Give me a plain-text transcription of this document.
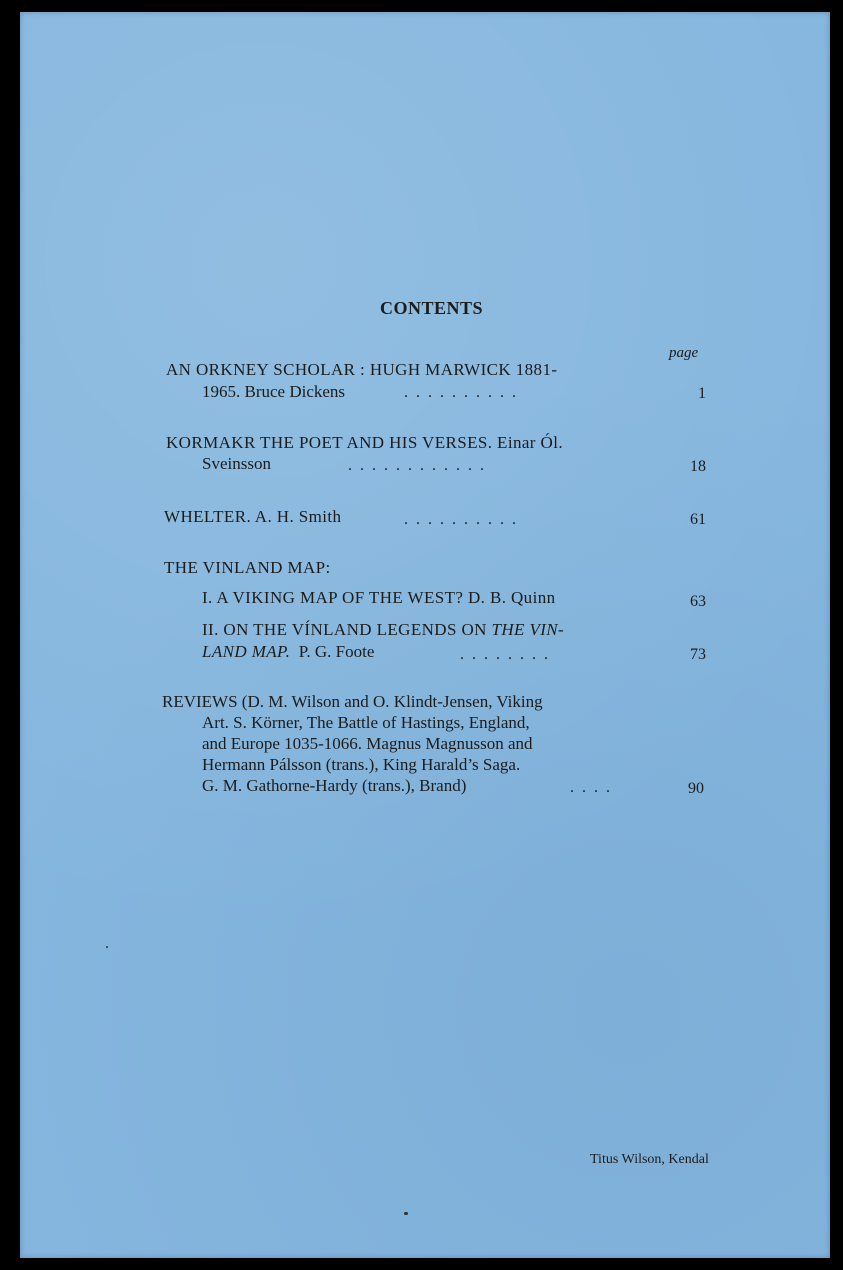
CONTENTS
page
AN ORKNEY SCHOLAR : HUGH MARWICK 1881-
1965. Bruce Dickens	. . . . . . . . . .	1
KORMAKR THE POET AND HIS VERSES. Einar Ól.
Sveinsson	. . . . . . . . . . . .	18
WHELTER. A. H. Smith	. . . . . . . . . .	61
THE VINLAND MAP:
I. A VIKING MAP OF THE WEST? D. B. Quinn	63
II. ON THE VÍNLAND LEGENDS ON THE VIN-
LAND MAP. P. G. Foote	. . . . . . . .	73
REVIEWS (D. M. Wilson and O. Klindt-Jensen, Viking
Art. S. Körner, The Battle of Hastings, England,
and Europe 1035-1066. Magnus Magnusson and
Hermann Pálsson (trans.), King Harald’s Saga.
G. M. Gathorne-Hardy (trans.), Brand)	. . . .	90
Titus Wilson, Kendal
